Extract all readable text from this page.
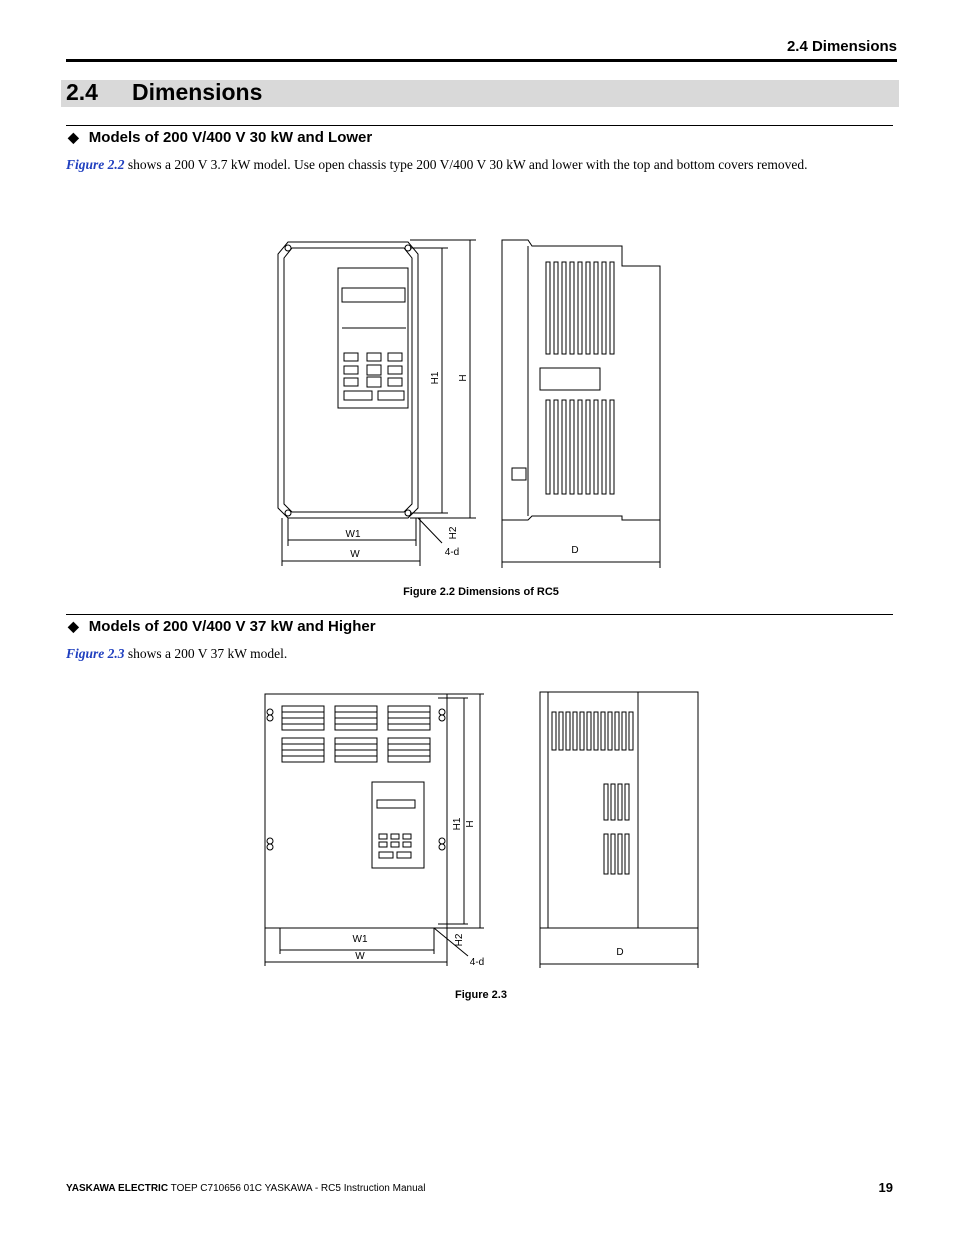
2.4 Dimensions
2.4 Dimensions
◆ Models of 200 V/400 V 30 kW and Lower
Figure 2.2 shows a 200 V 3.7 kW model. Use open chassis type 200 V/400 V 30 kW and lower with the top and bottom covers removed.
W1
W
H1 H
H2
4-d	D
Figure 2.2 Dimensions of RC5
◆ Models of 200 V/400 V 37 kW and Higher
Figure 2.3 shows a 200 V 37 kW model.
W1
W
H1 H
H2
4-d
D
Figure 2.3
YASKAWA ELECTRIC TOEP C710656 01C YASKAWA - RC5 Instruction Manual	19
